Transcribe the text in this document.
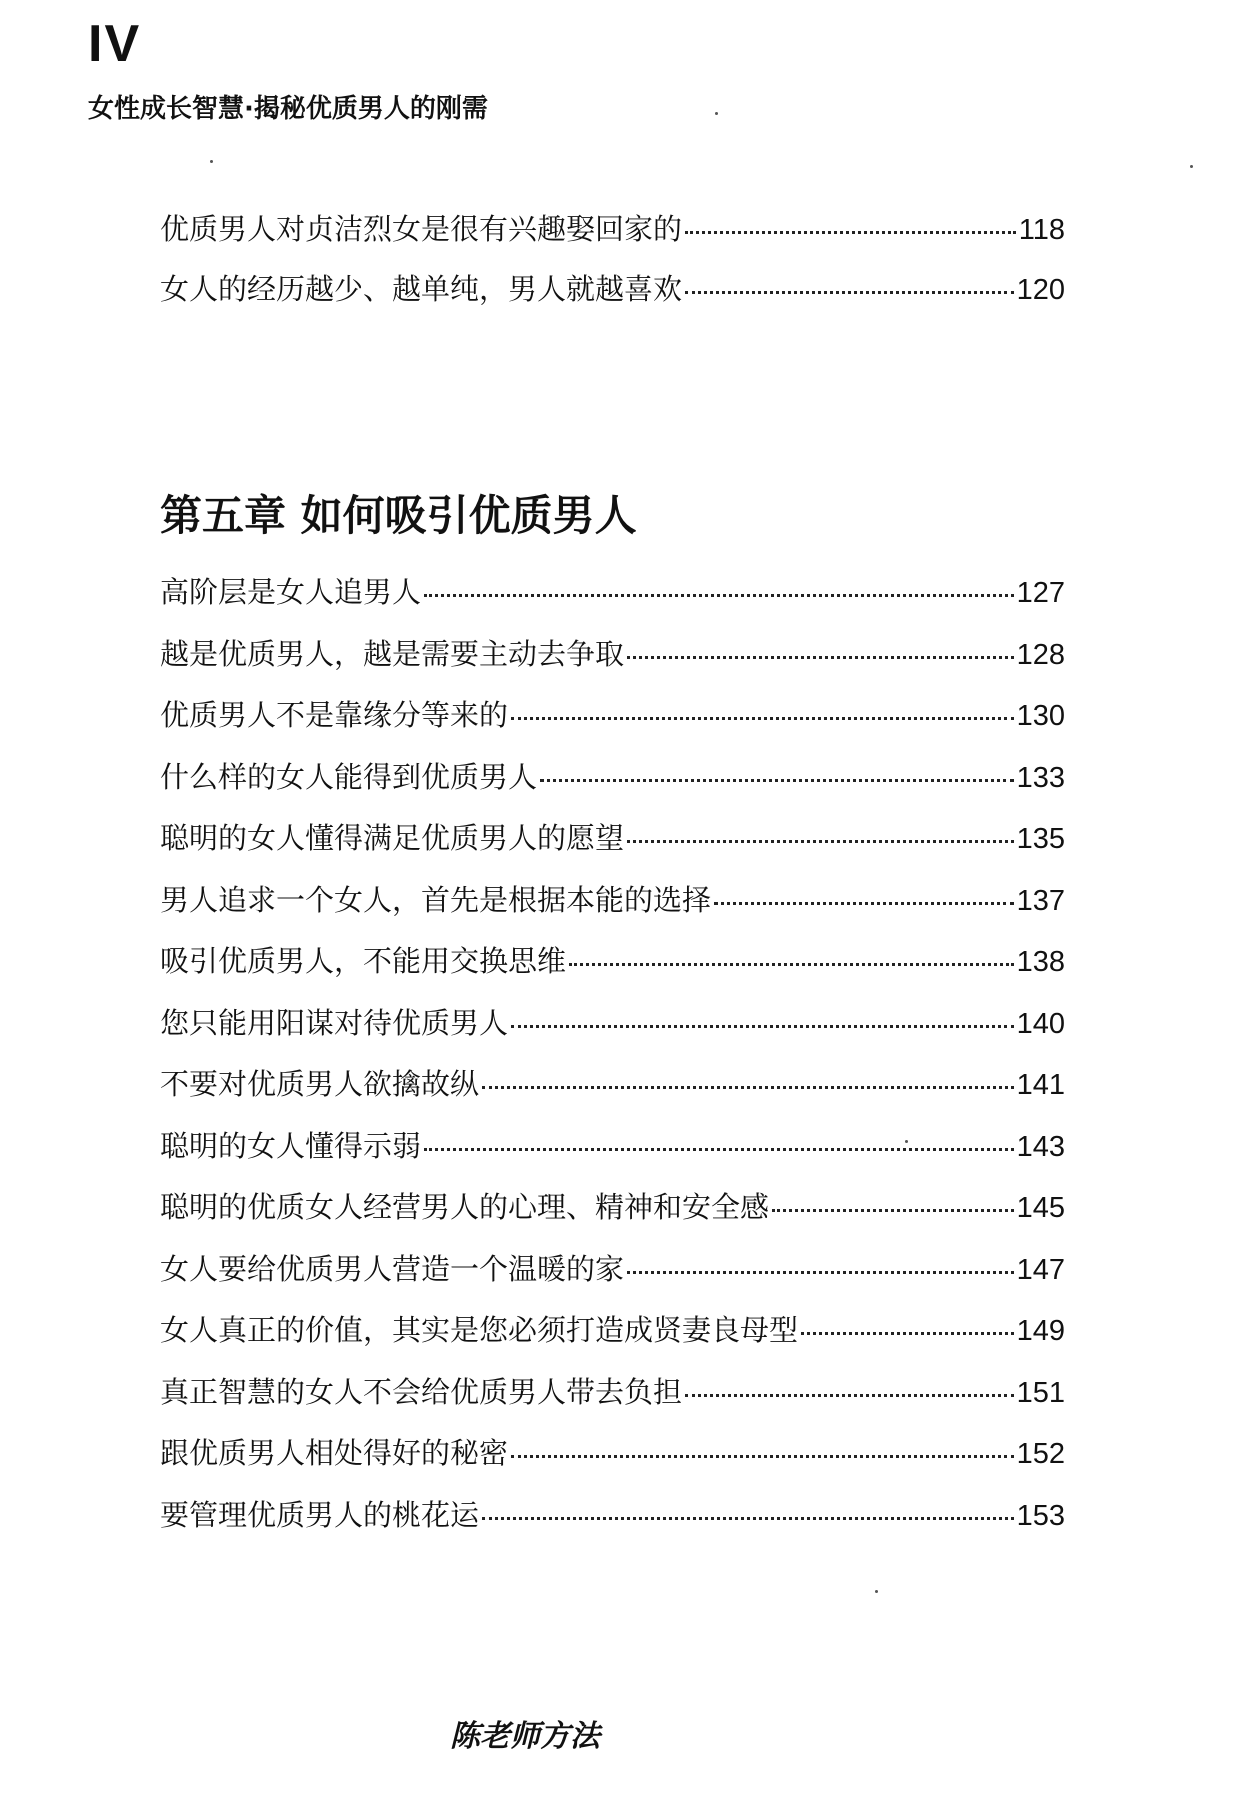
IV
女性成长智慧·揭秘优质男人的刚需
优质男人对贞洁烈女是很有兴趣娶回家的	118
女人的经历越少、越单纯，男人就越喜欢	120
第五章 如何吸引优质男人
高阶层是女人追男人	127
越是优质男人，越是需要主动去争取	128
优质男人不是靠缘分等来的	130
什么样的女人能得到优质男人	133
聪明的女人懂得满足优质男人的愿望	135
男人追求一个女人，首先是根据本能的选择	137
吸引优质男人，不能用交换思维	138
您只能用阳谋对待优质男人	140
不要对优质男人欲擒故纵	141
聪明的女人懂得示弱	143
聪明的优质女人经营男人的心理、精神和安全感	145
女人要给优质男人营造一个温暖的家	147
女人真正的价值，其实是您必须打造成贤妻良母型	149
真正智慧的女人不会给优质男人带去负担	151
跟优质男人相处得好的秘密	152
要管理优质男人的桃花运	153
陈老师方法
